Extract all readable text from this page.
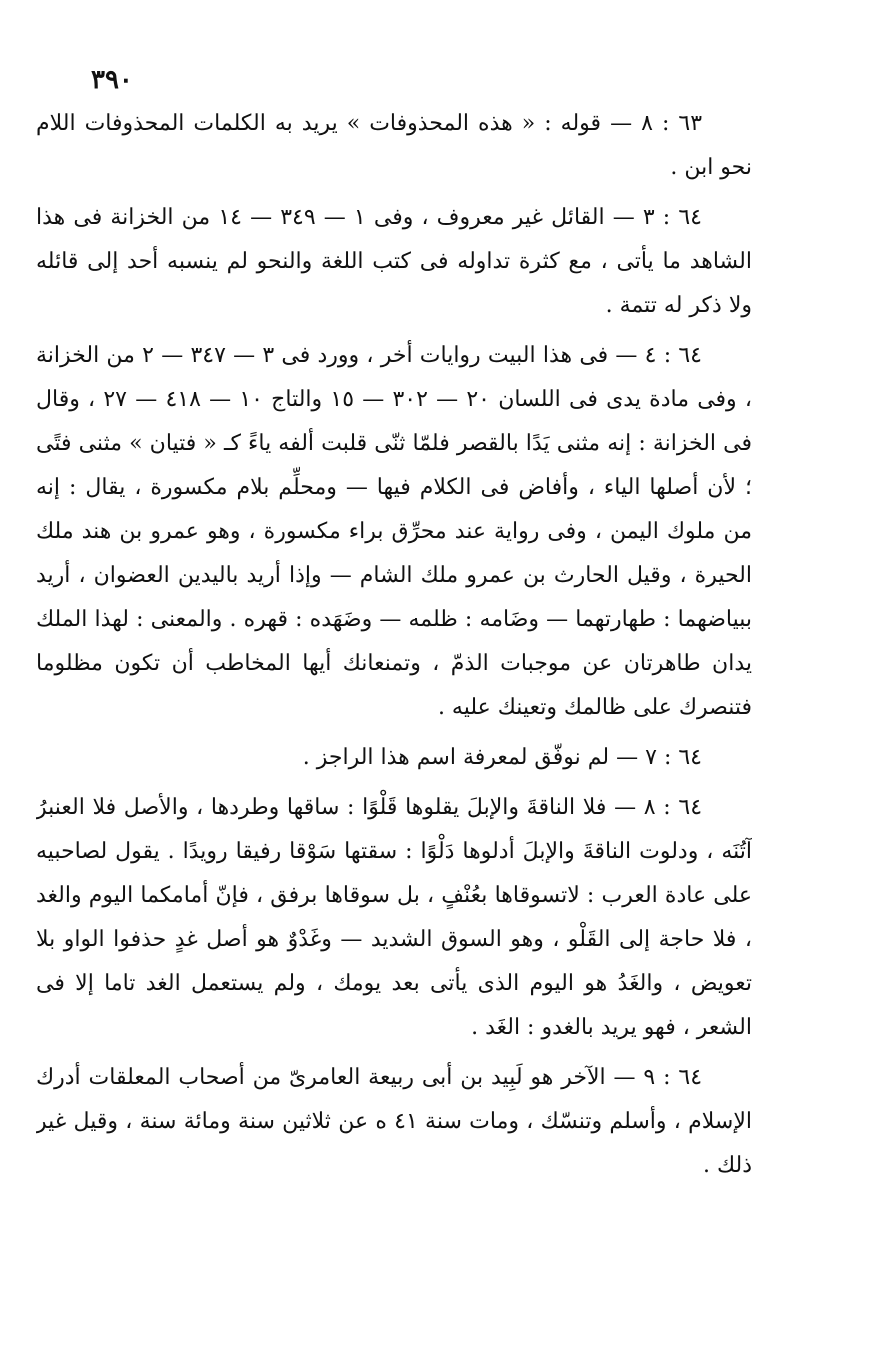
٣٩٠

٦٣ : ٨ — قوله : « هذه المحذوفات » يريد به الكلمات المحذوفات اللام نحو ابن .

٦٤ : ٣ — القائل غير معروف ، وفى ١ — ٣٤٩ — ١٤ من الخزانة فى هذا الشاهد ما يأتى ، مع كثرة تداوله فى كتب اللغة والنحو لم ينسبه أحد إلى قائله ولا ذكر له تتمة .

٦٤ : ٤ — فى هذا البيت روايات أخر ، وورد فى ٣ — ٣٤٧ — ٢ من الخزانة ، وفى مادة يدى فى اللسان ٢٠ — ٣٠٢ — ١٥ والتاج ١٠ — ٤١٨ — ٢٧ ، وقال فى الخزانة : إنه مثنى يَدًا بالقصر فلمّا ثنّى قلبت ألفه ياءً كـ « فتيان » مثنى فتًى ؛ لأن أصلها الياء ، وأفاض فى الكلام فيها — ومحلِّم بلام مكسورة ، يقال : إنه من ملوك اليمن ، وفى رواية عند محرِّق براء مكسورة ، وهو عمرو بن هند ملك الحيرة ، وقيل الحارث بن عمرو ملك الشام — وإذا أريد باليدين العضوان ، أريد ببياضهما : طهارتهما — وضَامه : ظلمه — وضَهَده : قهره . والمعنى : لهذا الملك يدان طاهرتان عن موجبات الذمّ ، وتمنعانك أيها المخاطب أن تكون مظلوما فتنصرك على ظالمك وتعينك عليه .

٦٤ : ٧ — لم نوفّق لمعرفة اسم هذا الراجز .

٦٤ : ٨ — فلا الناقةَ والإبلَ يقلوها قَلْوًا : ساقها وطردها ، والأصل فلا العنبرُ آتُنَه ، ودلوت الناقةَ والإبلَ أدلوها دَلْوًا : سقتها سَوْقا رفيقا رويدًا . يقول لصاحبيه على عادة العرب : لاتسوقاها بعُنْفٍ ، بل سوقاها برفق ، فإنّ أمامكما اليوم والغد ، فلا حاجة إلى القَلْو ، وهو السوق الشديد — وغَدْوٌ هو أصل غدٍ حذفوا الواو بلا تعويض ، والغَدُ هو اليوم الذى يأتى بعد يومك ، ولم يستعمل الغد تاما إلا فى الشعر ، فهو يريد بالغدو : الغَد .

٦٤ : ٩ — الآخر هو لَبِيد بن أبى ربيعة العامرىّ من أصحاب المعلقات أدرك الإسلام ، وأسلم وتنسّك ، ومات سنة ٤١ ه عن ثلاثين سنة ومائة سنة ، وقيل غير ذلك .
